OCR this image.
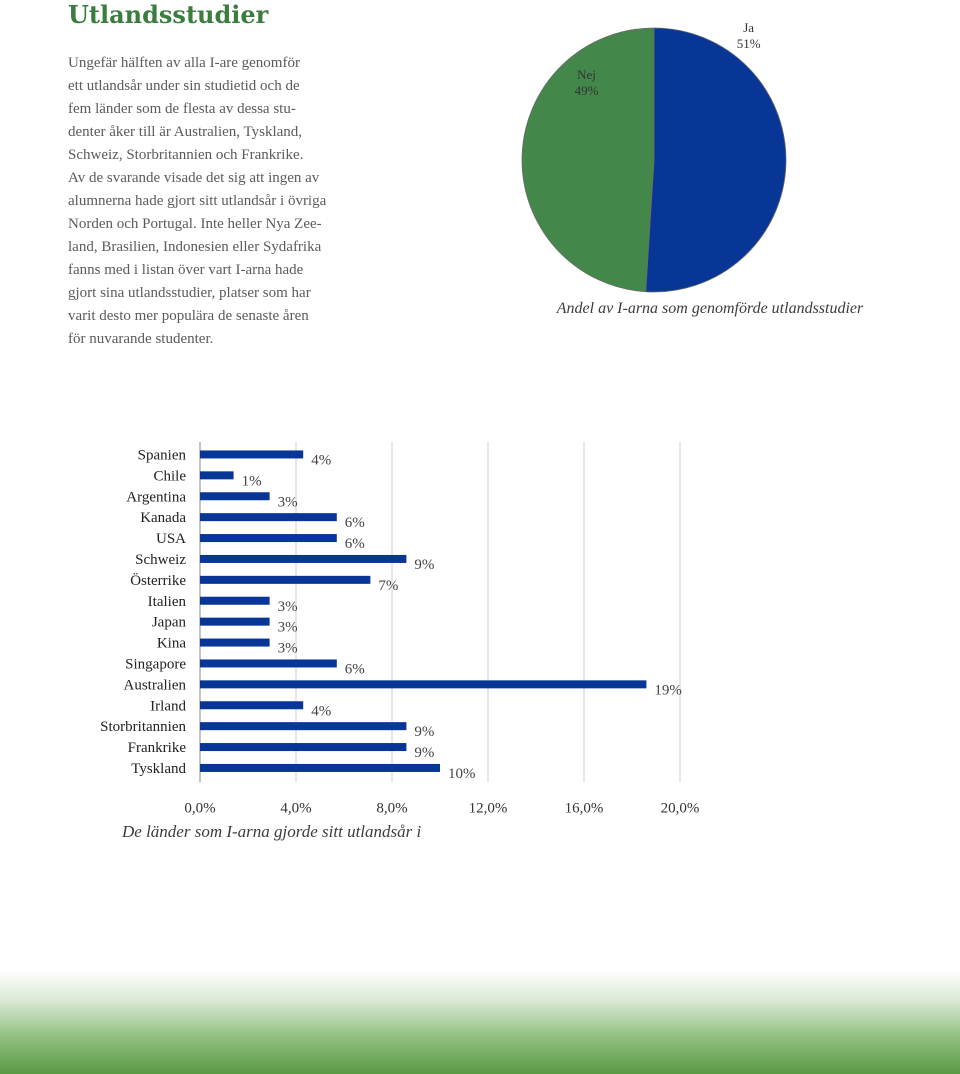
Utlandsstudier
Ungefär hälften av alla I-are genomför
ett utlandsår under sin studietid och de
fem länder som de flesta av dessa stu-
denter åker till är Australien, Tyskland,
Schweiz, Storbritannien och Frankrike.
Av de svarande visade det sig att ingen av
alumnerna hade gjort sitt utlandsår i övriga
Norden och Portugal. Inte heller Nya Zee-
land, Brasilien, Indonesien eller Sydafrika
fanns med i listan över vart I-arna hade
gjort sina utlandsstudier, platser som har
varit desto mer populära de senaste åren
för nuvarande studenter.
Ja
51%
Nej
49%
Andel av I-arna som genomförde utlandsstudier
0,0%	4,0%	8,0%	12,0%	16,0%	20,0%
Spanien	4%
Chile	1%
Argentina	3%
Kanada	6%
USA	6%
Schweiz	9%
Österrike	7%
Italien	3%
Japan	3%
Kina	3%
Singapore	6%
Australien	19%
Irland	4%
Storbritannien	9%
Frankrike	9%
Tyskland	10%
De länder som I-arna gjorde sitt utlandsår i
